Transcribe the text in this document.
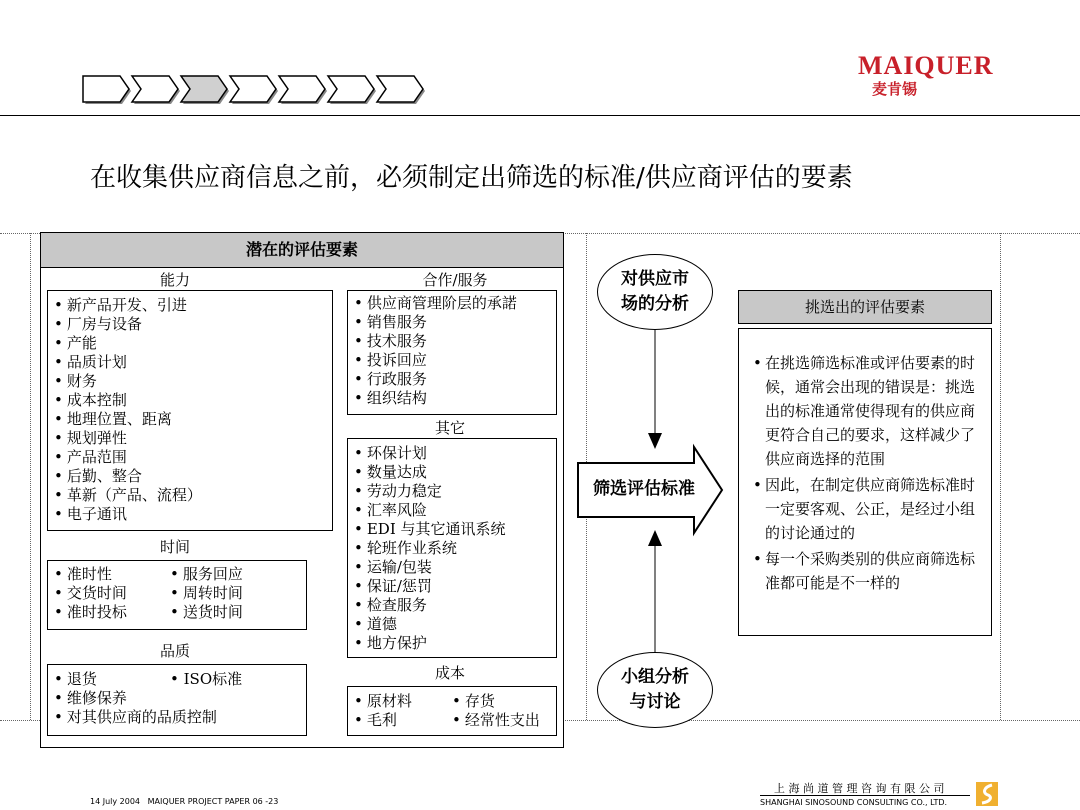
MAIQUER
麦肯锡
在收集供应商信息之前，必须制定出筛选的标准/供应商评估的要素
潜在的评估要素
能力
• 新产品开发、引进
• 厂房与设备
• 产能
• 品质计划
• 财务
• 成本控制
• 地理位置、距离
• 规划弹性
• 产品范围
• 后勤、整合
• 革新（产品、流程）
• 电子通讯
合作/服务
• 供应商管理阶层的承諾
• 销售服务
• 技术服务
• 投诉回应
• 行政服务
• 组织结构
其它
• 环保计划
• 数量达成
• 劳动力稳定
• 汇率风险
• EDI 与其它通讯系统
• 轮班作业系统
• 运输/包装
• 保证/惩罚
• 检查服务
• 道德
• 地方保护
时间
• 准时性
• 交货时间
• 准时投标
• 服务回应
• 周转时间
• 送货时间
品质
• 退货
• 维修保养
• 对其供应商的品质控制
• ISO标准	成本
• 原材料
• 毛利
• 存货
• 经常性支出
对供应市场的分析
筛选评估标准
小组分析与讨论
挑选出的评估要素
• 在挑选筛选标准或评估要素的时候，通常会出现的错误是：挑选出的标准通常使得现有的供应商更符合自己的要求，这样减少了供应商选择的范围
• 因此，在制定供应商筛选标准时一定要客观、公正，是经过小组的讨论通过的
• 每一个采购类别的供应商筛选标准都可能是不一样的
14 July 2004 MAIQUER PROJECT PAPER 06 -23
上 海 尚 道 管 理 咨 询 有 限 公 司
SHANGHAI SINOSOUND CONSULTING CO., LTD.
